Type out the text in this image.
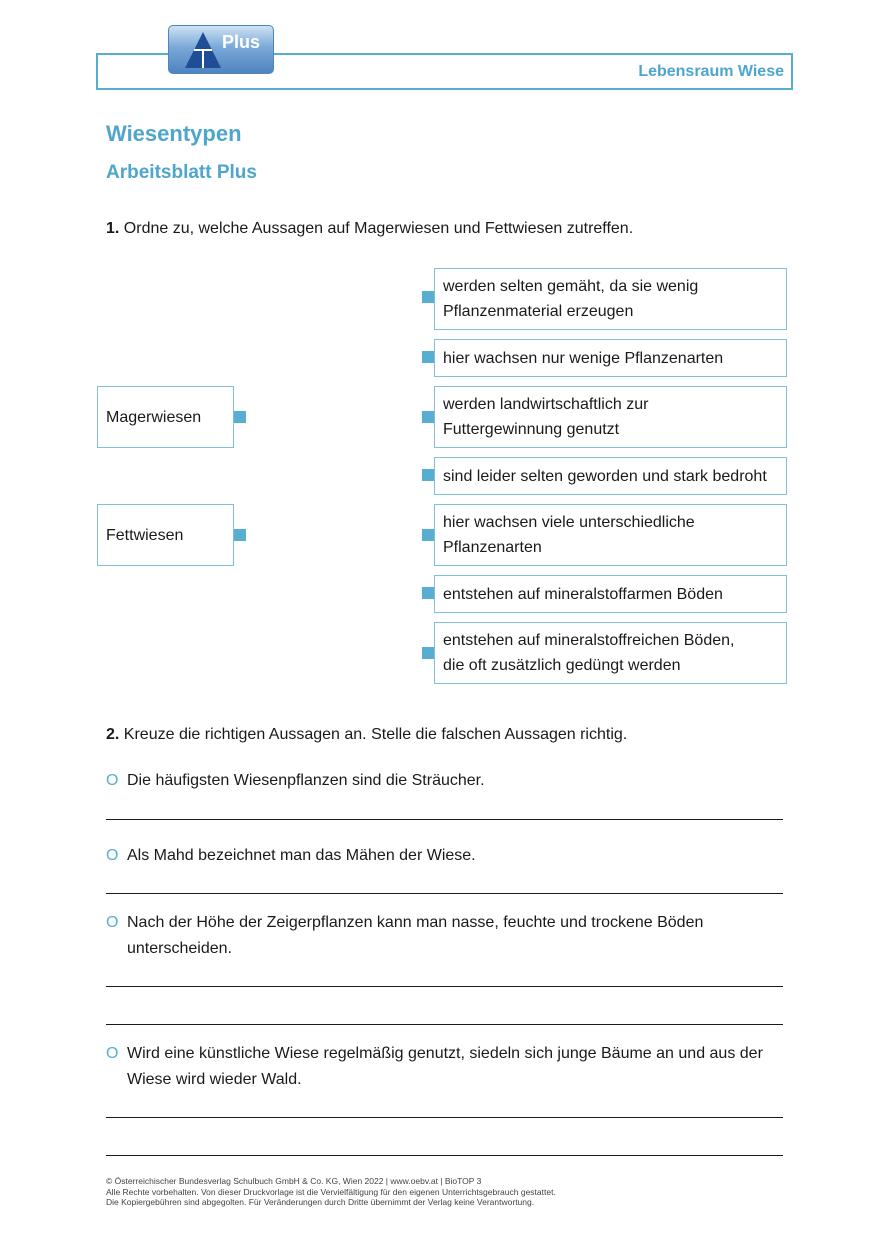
Plus
Lebensraum Wiese
Wiesentypen
Arbeitsblatt Plus
1. Ordne zu, welche Aussagen auf Magerwiesen und Fettwiesen zutreffen.
Magerwiesen
Fettwiesen
werden selten gemäht, da sie wenig
Pflanzenmaterial erzeugen
hier wachsen nur wenige Pflanzenarten
werden landwirtschaftlich zur
Futtergewinnung genutzt
sind leider selten geworden und stark bedroht
hier wachsen viele unterschiedliche
Pflanzenarten
entstehen auf mineralstoffarmen Böden
entstehen auf mineralstoffreichen Böden,
die oft zusätzlich gedüngt werden
2. Kreuze die richtigen Aussagen an. Stelle die falschen Aussagen richtig.
O Die häufigsten Wiesenpflanzen sind die Sträucher.
O Als Mahd bezeichnet man das Mähen der Wiese.
O Nach der Höhe der Zeigerpflanzen kann man nasse, feuchte und trockene Böden
unterscheiden.
O Wird eine künstliche Wiese regelmäßig genutzt, siedeln sich junge Bäume an und aus der
Wiese wird wieder Wald.
© Österreichischer Bundesverlag Schulbuch GmbH & Co. KG, Wien 2022 | www.oebv.at | BioTOP 3
Alle Rechte vorbehalten. Von dieser Druckvorlage ist die Vervielfältigung für den eigenen Unterrichtsgebrauch gestattet.
Die Kopiergebühren sind abgegolten. Für Veränderungen durch Dritte übernimmt der Verlag keine Verantwortung.
